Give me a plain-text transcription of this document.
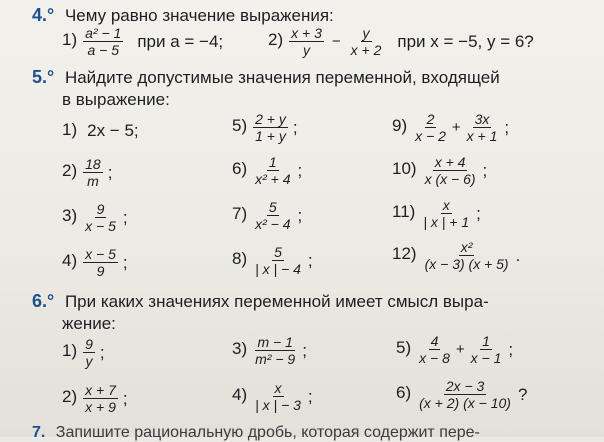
4.° Чему равно значение выражения:
$1) \frac{\text{a² − 1}}{a - 5}$ при a = −4;	$2) \frac{x + 3}{y} - \frac{y}{x + 2}$ при x = −5, y = 6?
5.° Найдите допустимые значения переменной, входящей
в выражение:
1) 2x − 5;
$2) \frac{18}{m}$ ;
$3) \frac{9}{x - 5}$ ;
$4) \frac{x - 5}{9}$ ;
$5) \frac{2 + y}{1 + y}$ ;
$6) \frac{1}{\text{x² + 4}}$ ;
$7) \frac{5}{\text{x² − 4}}$ ;
$8) \frac{5}{| x | - 4}$ ;
$9) \frac{2}{x - 2} + \frac{3x}{x + 1}$ ;
$10) \frac{x + 4}{x (x - 6)}$ ;
$11) \frac{x}{| x | + 1}$ ;
$12) \frac{\text{x²}}{(x - 3) (x + 5)}$ .
6.° При каких значениях переменной имеет смысл выра-
жение:
$1) \frac{9}{y}$ ;
$2) \frac{x + 7}{x + 9}$ ;
$3) \frac{m - 1}{\text{m² − 9}}$ ;
$4) \frac{x}{| x | - 3}$ ;
$5) \frac{4}{x - 8} + \frac{1}{x - 1}$ ;
$6) \frac{2x - 3}{(x + 2) (x - 10)}$ ?
7. Запишите рациональную дробь, которая содержит пере-
